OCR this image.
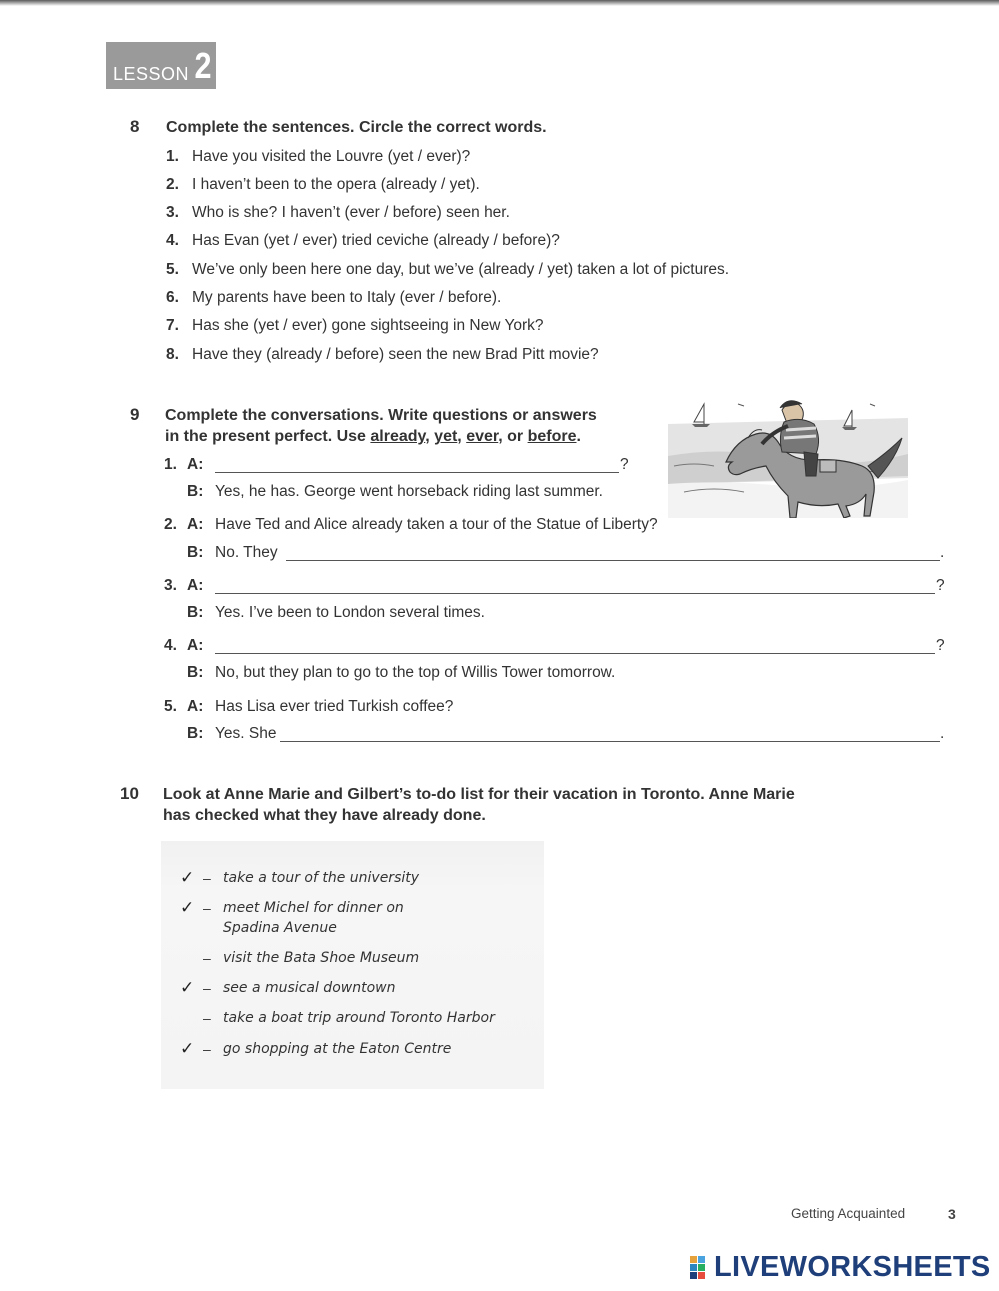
LESSON 2
8 Complete the sentences. Circle the correct words.
1. Have you visited the Louvre (yet / ever)?
2. I haven’t been to the opera (already / yet).
3. Who is she? I haven’t (ever / before) seen her.
4. Has Evan (yet / ever) tried ceviche (already / before)?
5. We’ve only been here one day, but we’ve (already / yet) taken a lot of pictures.
6. My parents have been to Italy (ever / before).
7. Has she (yet / ever) gone sightseeing in New York?
8. Have they (already / before) seen the new Brad Pitt movie?
9 Complete the conversations. Write questions or answers
in the present perfect. Use already, yet, ever, or before.
1. A:	?
B: Yes, he has. George went horseback riding last summer.
2. A: Have Ted and Alice already taken a tour of the Statue of Liberty?
B: No. They	.
3. A:	?
B: Yes. I’ve been to London several times.
4. A:	?
B: No, but they plan to go to the top of Willis Tower tomorrow.
5. A: Has Lisa ever tried Turkish coffee?
B: Yes. She	.
10 Look at Anne Marie and Gilbert’s to-do list for their vacation in Toronto. Anne Marie
has checked what they have already done.
✓ – take a tour of the university
✓ – meet Michel for dinner on
Spadina Avenue
– visit the Bata Shoe Museum
✓ – see a musical downtown
– take a boat trip around Toronto Harbor
✓ – go shopping at the Eaton Centre
Getting Acquainted	3
LIVEWORKSHEETS
